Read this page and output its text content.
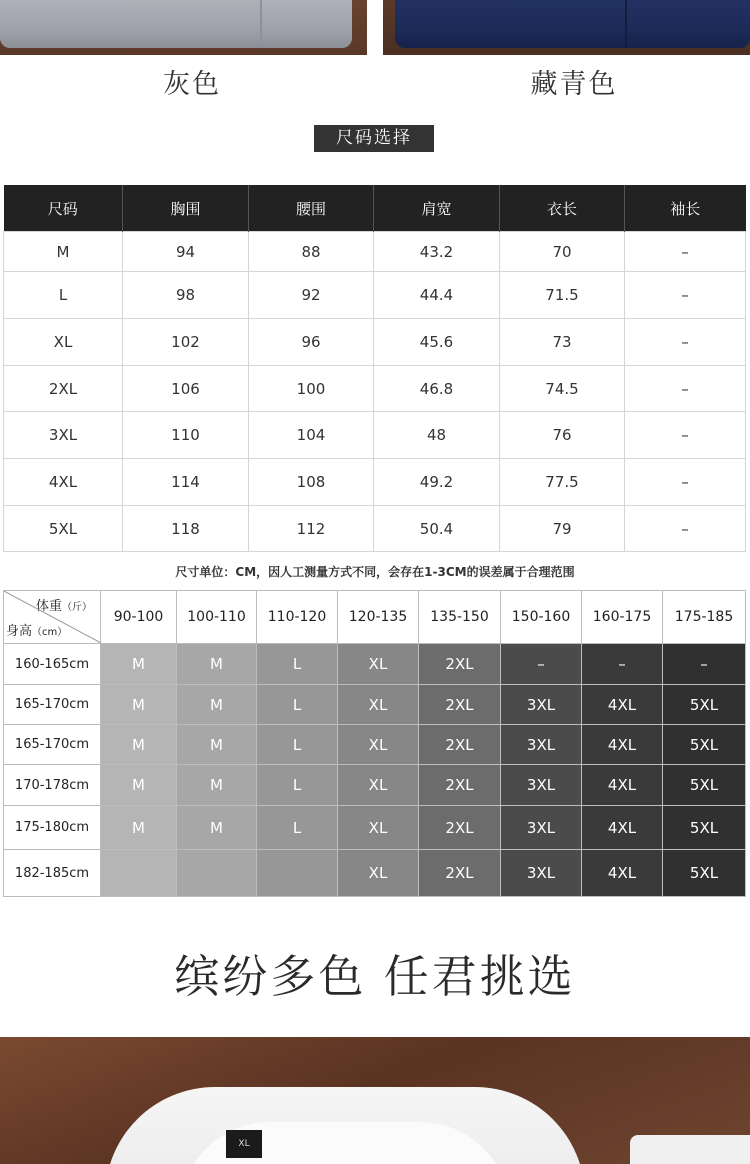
灰色	藏青色
尺码选择
尺码	胸围	腰围	肩宽	衣长	袖长
M	94	88	43.2	70	–
L	98	92	44.4	71.5	–
XL	102	96	45.6	73	–
2XL	106	100	46.8	74.5	–
3XL	110	104	48	76	–
4XL	114	108	49.2	77.5	–
5XL	118	112	50.4	79	–
尺寸单位：CM，因人工测量方式不同，会存在1-3CM的误差属于合理范围
体重（斤）
身高（cm）	90-100	100-110	110-120	120-135	135-150	150-160	160-175	175-185
160-165cm	M	M	L	XL	2XL	–	–	–
165-170cm	M	M	L	XL	2XL	3XL	4XL	5XL
165-170cm	M	M	L	XL	2XL	3XL	4XL	5XL
170-178cm	M	M	L	XL	2XL	3XL	4XL	5XL
175-180cm	M	M	L	XL	2XL	3XL	4XL	5XL
182-185cm				XL	2XL	3XL	4XL	5XL
缤纷多色 任君挑选
XL
